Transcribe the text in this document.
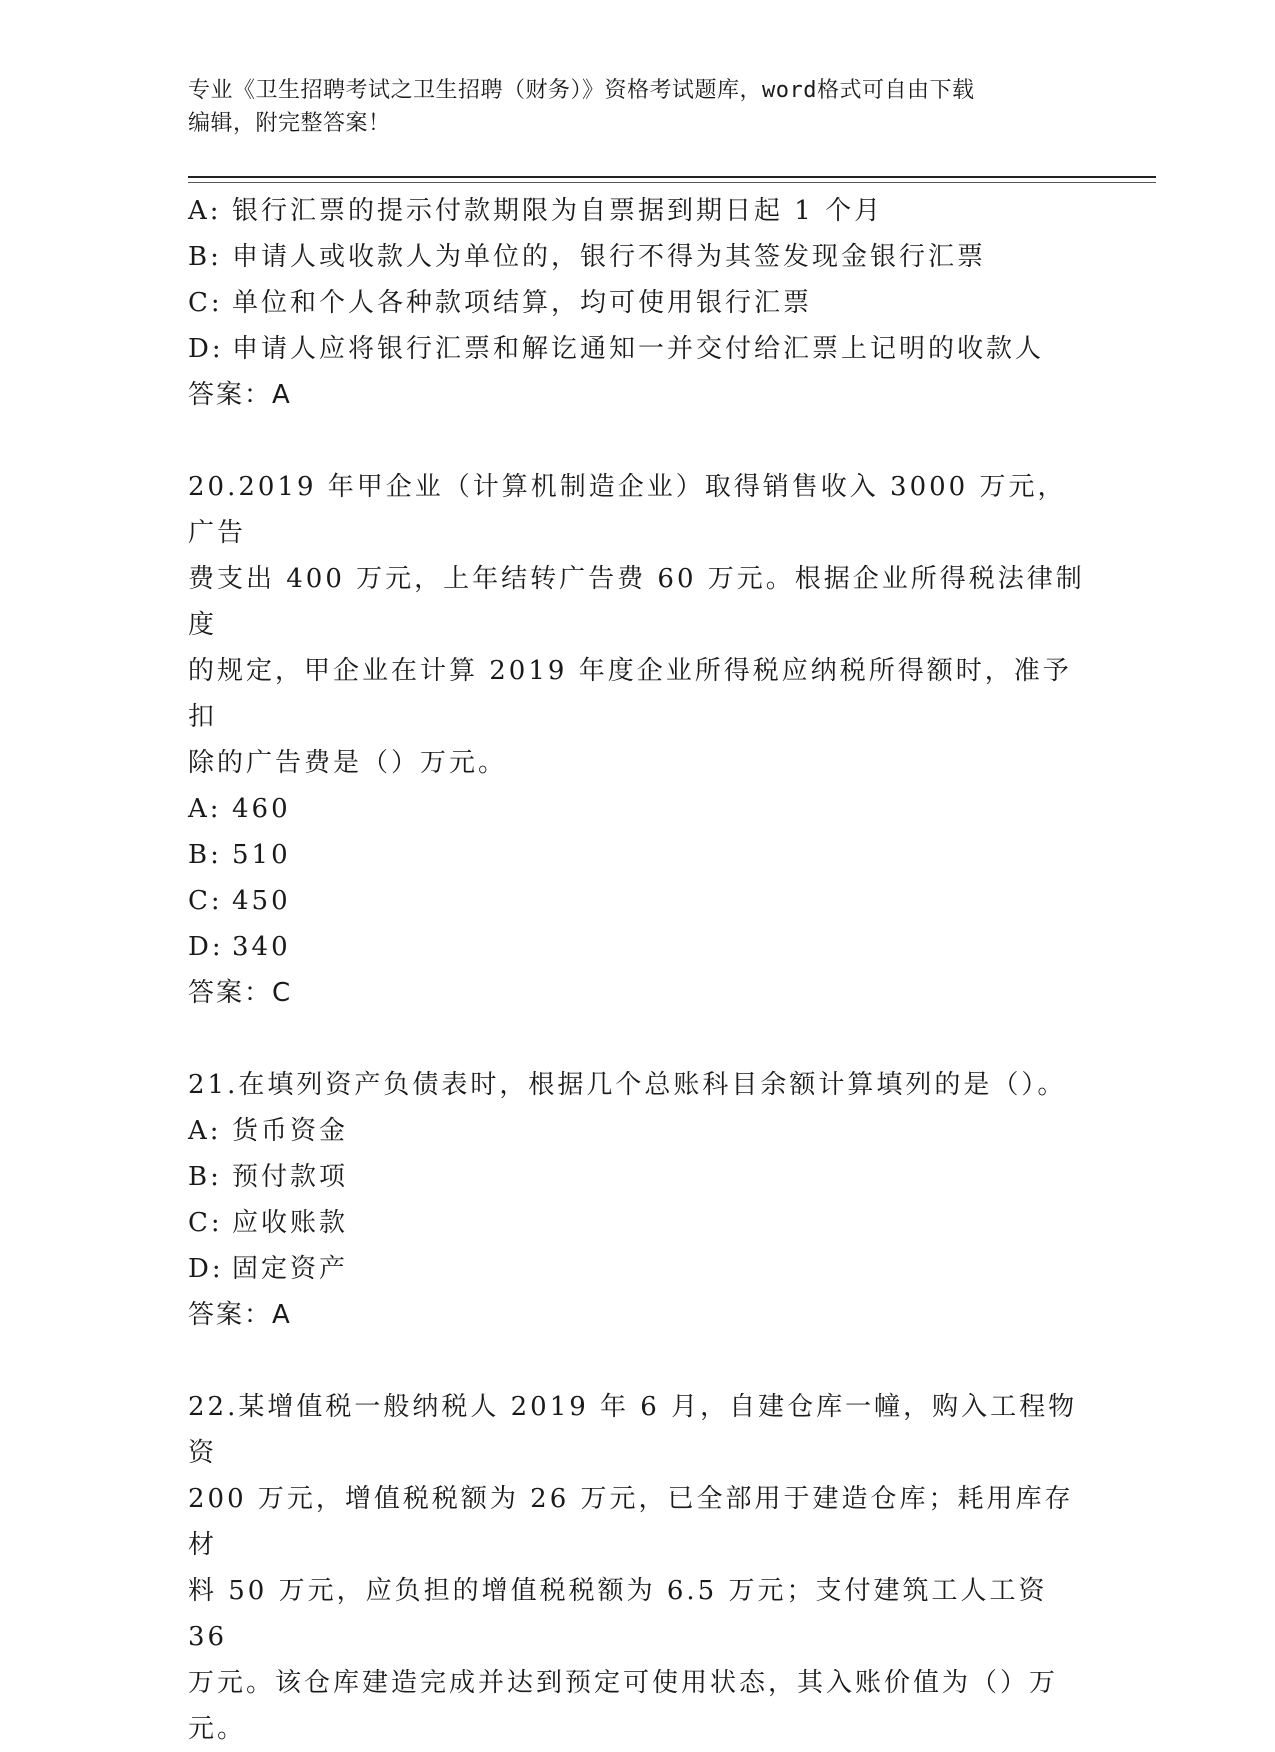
专业《卫生招聘考试之卫生招聘（财务）》资格考试题库，word格式可自由下载
编辑，附完整答案！
A: 银行汇票的提示付款期限为自票据到期日起 1 个月
B: 申请人或收款人为单位的，银行不得为其签发现金银行汇票
C: 单位和个人各种款项结算，均可使用银行汇票
D: 申请人应将银行汇票和解讫通知一并交付给汇票上记明的收款人
答案：A
20.2019 年甲企业（计算机制造企业）取得销售收入 3000 万元，广告
费支出 400 万元，上年结转广告费 60 万元。根据企业所得税法律制度
的规定，甲企业在计算 2019 年度企业所得税应纳税所得额时，准予扣
除的广告费是（）万元。
A: 460
B: 510
C: 450
D: 340
答案：C
21.在填列资产负债表时，根据几个总账科目余额计算填列的是（）。
A: 货币资金
B: 预付款项
C: 应收账款
D: 固定资产
答案：A
22.某增值税一般纳税人 2019 年 6 月，自建仓库一幢，购入工程物资
200 万元，增值税税额为 26 万元，已全部用于建造仓库；耗用库存材
料 50 万元，应负担的增值税税额为 6.5 万元；支付建筑工人工资 36
万元。该仓库建造完成并达到预定可使用状态，其入账价值为（）万
元。
